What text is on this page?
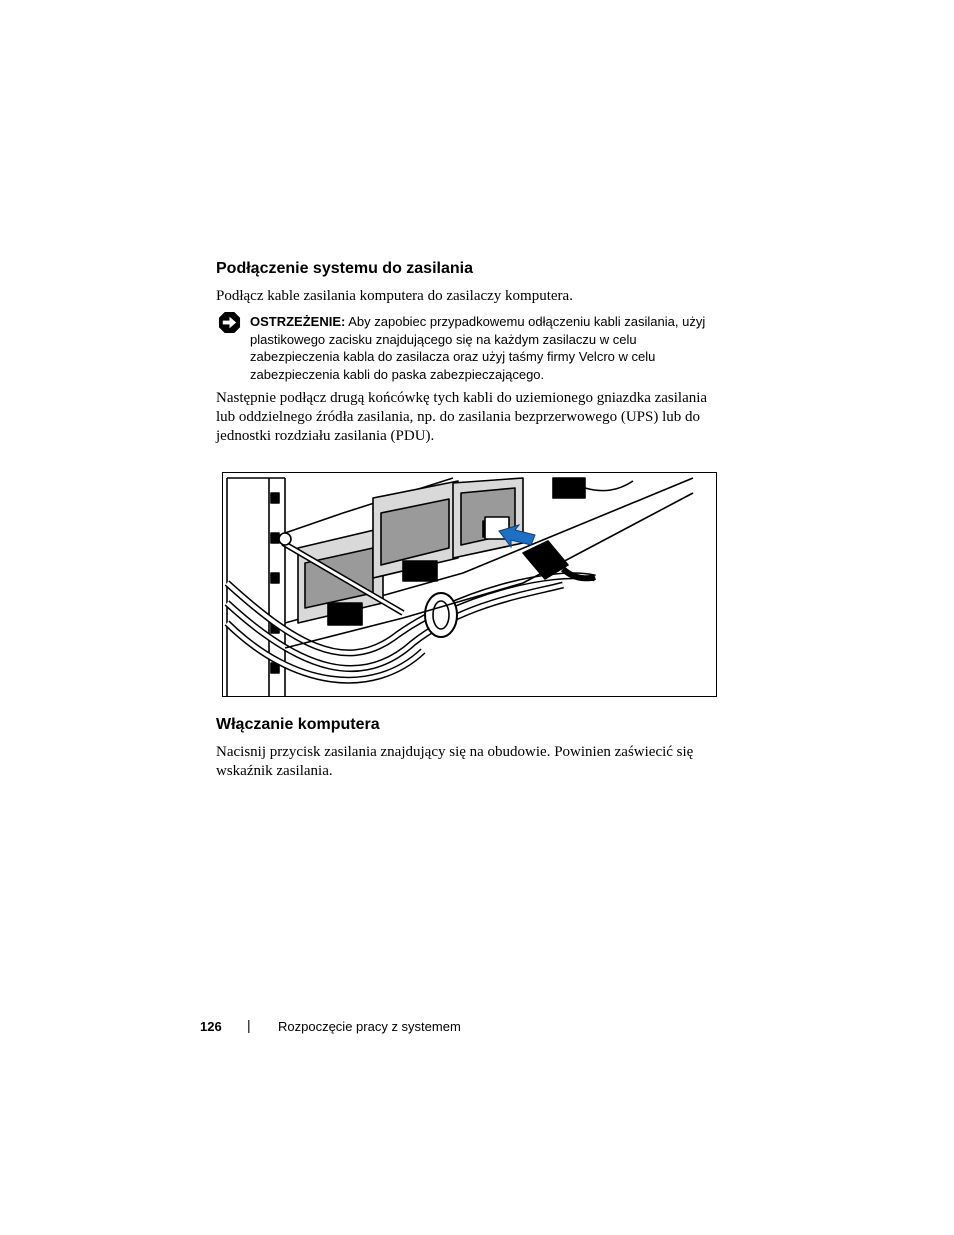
Podłączenie systemu do zasilania

Podłącz kable zasilania komputera do zasilaczy komputera.

OSTRZEŻENIE: Aby zapobiec przypadkowemu odłączeniu kabli zasilania, użyj plastikowego zacisku znajdującego się na każdym zasilaczu w celu zabezpieczenia kabla do zasilacza oraz użyj taśmy firmy Velcro w celu zabezpieczenia kabli do paska zabezpieczającego.

Następnie podłącz drugą końcówkę tych kabli do uziemionego gniazdka zasilania lub oddzielnego źródła zasilania, np. do zasilania bezprzerwowego (UPS) lub do jednostki rozdziału zasilania (PDU).

Włączanie komputera

Nacisnij przycisk zasilania znajdujący się na obudowie. Powinien zaświecić się wskaźnik zasilania.

126 | Rozpoczęcie pracy z systemem
